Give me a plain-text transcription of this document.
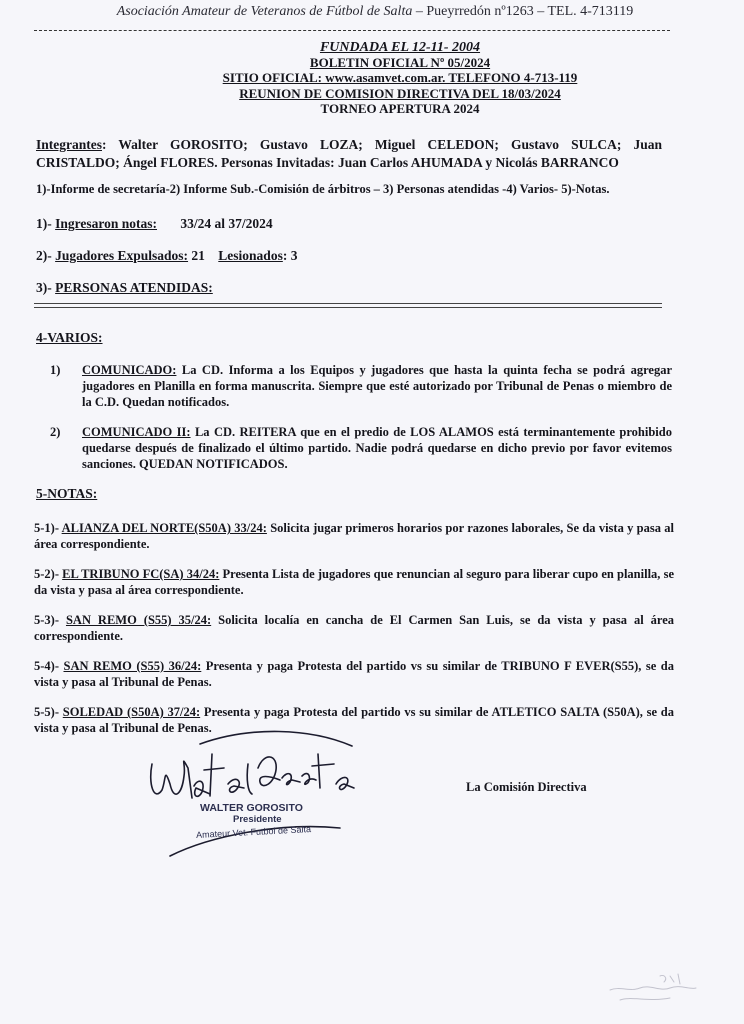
Asociación Amateur de Veteranos de Fútbol de Salta – Pueyrredón nº1263 – TEL. 4-713119
FUNDADA EL 12-11- 2004
BOLETIN OFICIAL Nº 05/2024
SITIO OFICIAL: www.asamvet.com.ar. TELEFONO 4-713-119
REUNION DE COMISION DIRECTIVA DEL 18/03/2024
TORNEO APERTURA 2024
Integrantes: Walter GOROSITO; Gustavo LOZA; Miguel CELEDON; Gustavo SULCA; Juan CRISTALDO; Ángel FLORES. Personas Invitadas: Juan Carlos AHUMADA y Nicolás BARRANCO
1)-Informe de secretaría-2) Informe Sub.-Comisión de árbitros – 3) Personas atendidas -4) Varios- 5)-Notas.
1)- Ingresaron notas: 33/24 al 37/2024
2)- Jugadores Expulsados: 21 Lesionados: 3
3)- PERSONAS ATENDIDAS:
4-VARIOS:
1) COMUNICADO: La CD. Informa a los Equipos y jugadores que hasta la quinta fecha se podrá agregar jugadores en Planilla en forma manuscrita. Siempre que esté autorizado por Tribunal de Penas o miembro de la C.D. Quedan notificados.
2) COMUNICADO II: La CD. REITERA que en el predio de LOS ALAMOS está terminantemente prohibido quedarse después de finalizado el último partido. Nadie podrá quedarse en dicho previo por favor evitemos sanciones. QUEDAN NOTIFICADOS.
5-NOTAS:
5-1)- ALIANZA DEL NORTE(S50A) 33/24: Solicita jugar primeros horarios por razones laborales, Se da vista y pasa al área correspondiente.
5-2)- EL TRIBUNO FC(SA) 34/24: Presenta Lista de jugadores que renuncian al seguro para liberar cupo en planilla, se da vista y pasa al área correspondiente.
5-3)- SAN REMO (S55) 35/24: Solicita localía en cancha de El Carmen San Luis, se da vista y pasa al área correspondiente.
5-4)- SAN REMO (S55) 36/24: Presenta y paga Protesta del partido vs su similar de TRIBUNO F EVER(S55), se da vista y pasa al Tribunal de Penas.
5-5)- SOLEDAD (S50A) 37/24: Presenta y paga Protesta del partido vs su similar de ATLETICO SALTA (S50A), se da vista y pasa al Tribunal de Penas.
WALTER GOROSITO
Presidente
Amateur Vet. Futbol de Salta
La Comisión Directiva
